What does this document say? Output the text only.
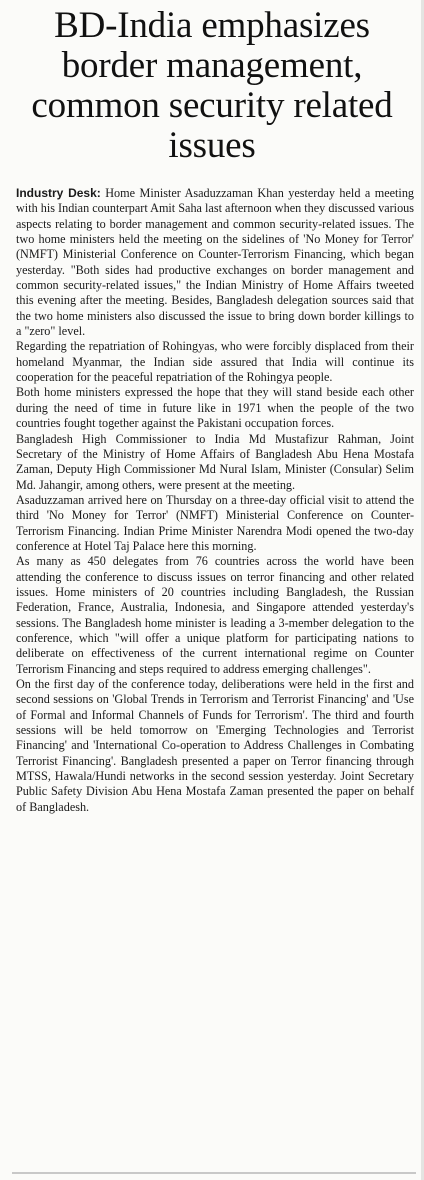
BD-India emphasizes border management, common security related issues

Industry Desk: Home Minister Asaduzzaman Khan yesterday held a meeting with his Indian counterpart Amit Saha last afternoon when they discussed various aspects relating to border management and common security-related issues. The two home ministers held the meeting on the sidelines of 'No Money for Terror' (NMFT) Ministerial Conference on Counter-Terrorism Financing, which began yesterday. "Both sides had productive exchanges on border management and common security-related issues," the Indian Ministry of Home Affairs tweeted this evening after the meeting. Besides, Bangladesh delegation sources said that the two home ministers also discussed the issue to bring down border killings to a "zero" level.

Regarding the repatriation of Rohingyas, who were forcibly displaced from their homeland Myanmar, the Indian side assured that India will continue its cooperation for the peaceful repatriation of the Rohingya people.

Both home ministers expressed the hope that they will stand beside each other during the need of time in future like in 1971 when the people of the two countries fought together against the Pakistani occupation forces.

Bangladesh High Commissioner to India Md Mustafizur Rahman, Joint Secretary of the Ministry of Home Affairs of Bangladesh Abu Hena Mostafa Zaman, Deputy High Commissioner Md Nural Islam, Minister (Consular) Selim Md. Jahangir, among others, were present at the meeting.

Asaduzzaman arrived here on Thursday on a three-day official visit to attend the third 'No Money for Terror' (NMFT) Ministerial Conference on Counter-Terrorism Financing. Indian Prime Minister Narendra Modi opened the two-day conference at Hotel Taj Palace here this morning.

As many as 450 delegates from 76 countries across the world have been attending the conference to discuss issues on terror financing and other related issues. Home ministers of 20 countries including Bangladesh, the Russian Federation, France, Australia, Indonesia, and Singapore attended yesterday's sessions. The Bangladesh home minister is leading a 3-member delegation to the conference, which "will offer a unique platform for participating nations to deliberate on effectiveness of the current international regime on Counter Terrorism Financing and steps required to address emerging challenges".

On the first day of the conference today, deliberations were held in the first and second sessions on 'Global Trends in Terrorism and Terrorist Financing' and 'Use of Formal and Informal Channels of Funds for Terrorism'. The third and fourth sessions will be held tomorrow on 'Emerging Technologies and Terrorist Financing' and 'International Co-operation to Address Challenges in Combating Terrorist Financing'. Bangladesh presented a paper on Terror financing through MTSS, Hawala/Hundi networks in the second session yesterday. Joint Secretary Public Safety Division Abu Hena Mostafa Zaman presented the paper on behalf of Bangladesh.
